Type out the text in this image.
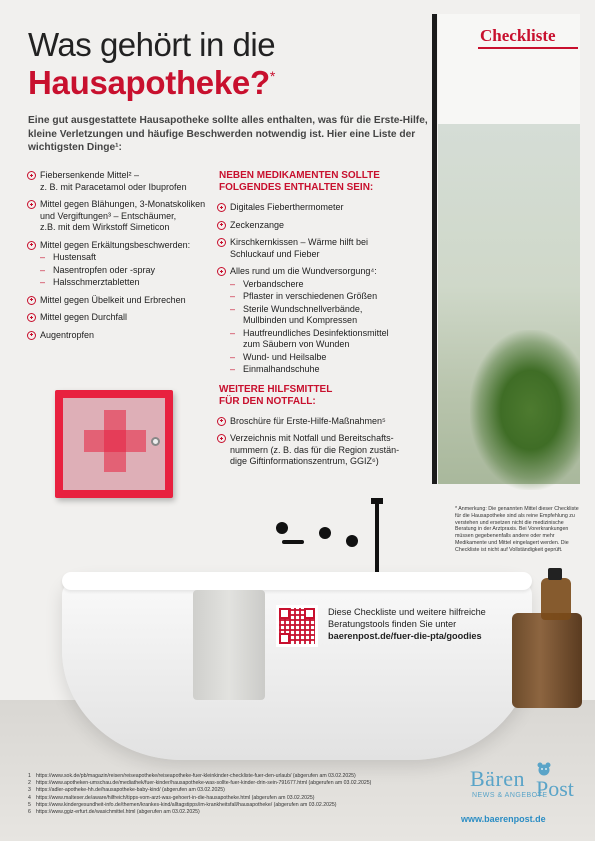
Was gehört in die
Hausapotheke?*
Checkliste
Eine gut ausgestattete Hausapotheke sollte alles enthalten, was für die Erste-Hilfe, kleine Verletzungen und häufige Beschwerden notwendig ist. Hier eine Liste der wichtigsten Dinge¹:
Fiebersenkende Mittel² –
z. B. mit Paracetamol oder Ibuprofen
Mittel gegen Blähungen, 3-Monatskoliken
und Vergiftungen³ – Entschäumer,
z.B. mit dem Wirkstoff Simeticon
Mittel gegen Erkältungsbeschwerden:
– Hustensaft
– Nasentropfen oder -spray
– Halsschmerztabletten
Mittel gegen Übelkeit und Erbrechen
Mittel gegen Durchfall
Augentropfen
NEBEN MEDIKAMENTEN SOLLTE
FOLGENDES ENTHALTEN SEIN:
Digitales Fieberthermometer
Zeckenzange
Kirschkernkissen – Wärme hilft bei
Schluckauf und Fieber
Alles rund um die Wundversorgung⁴:
– Verbandschere
– Pflaster in verschiedenen Größen
– Sterile Wundschnellverbände,
Mullbinden und Kompressen
– Hautfreundliches Desinfektionsmittel
zum Säubern von Wunden
– Wund- und Heilsalbe
– Einmalhandschuhe
WEITERE HILFSMITTEL
FÜR DEN NOTFALL:
Broschüre für Erste-Hilfe-Maßnahmen⁵
Verzeichnis mit Notfall und Bereitschafts-
nummern (z. B. das für die Region zustän-
dige Giftinformationszentrum, GGIZ⁶)
* Anmerkung: Die genannten Mittel dieser Checkliste für die Hausapotheke sind als reine Empfehlung zu verstehen und ersetzen nicht die medizinische Beratung in der Arztpraxis. Bei Vorerkrankungen müssen gegebenenfalls andere oder mehr Medikamente und Mittel eingelagert werden. Die Checkliste ist nicht auf Vollständigkeit geprüft.
Diese Checkliste und weitere hilfreiche
Beratungstools finden Sie unter
baerenpost.de/fuer-die-pta/goodies
1 https://www.sok.de/pb/magazin/reisen/reiseapotheke/reiseapotheke-fuer-kleinkinder-checkliste-fuer-den-urlaub/ (abgerufen am 03.02.2025)
2 https://www.apotheken-umschau.de/mediathek/fuer-kinder/hausapotheke-was-sollte-fuer-kinder-drin-sein-791677.html (abgerufen am 03.02.2025)
3 https://adler-apotheke-hh.de/hausapotheke-baby-kind/ (abgerufen am 03.02.2025)
4 https://www.malteser.de/aware/hilfreich/tipps-vom-arzt-was-gehoert-in-die-hausapotheke.html (abgerufen am 03.02.2025)
5 https://www.kindergesundheit-info.de/themen/krankes-kind/alltagstipps/im-krankheitsfall/hausapotheke/ (abgerufen am 03.02.2025)
6 https://www.ggiz-erfurt.de/wasichmittel.html (abgerufen am 03.02.2025)
Bären Post
NEWS & ANGEBOTE
www.baerenpost.de
